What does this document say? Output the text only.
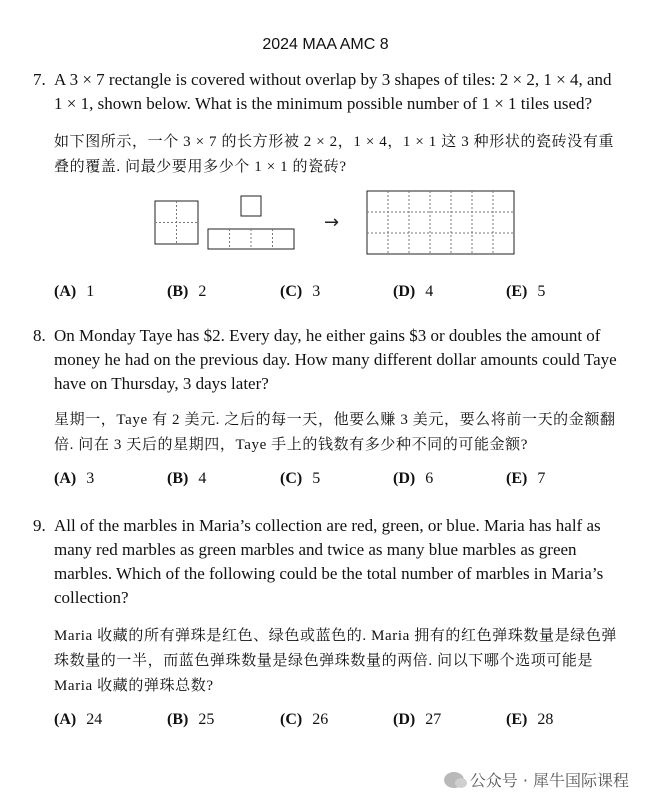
2024 MAA AMC 8
7. A 3 × 7 rectangle is covered without overlap by 3 shapes of tiles: 2 × 2, 1 × 4, and 1 × 1, shown below. What is the minimum possible number of 1 × 1 tiles used?
如下图所示，一个 3 × 7 的长方形被 2 × 2，1 × 4，1 × 1 这 3 种形状的瓷砖没有重叠的覆盖. 问最少要用多少个 1 × 1 的瓷砖?
→
(A) 1	(B) 2	(C) 3	(D) 4	(E) 5
8. On Monday Taye has $2. Every day, he either gains $3 or doubles the amount of money he had on the previous day. How many different dollar amounts could Taye have on Thursday, 3 days later?
星期一，Taye 有 2 美元. 之后的每一天，他要么赚 3 美元，要么将前一天的金额翻倍. 问在 3 天后的星期四，Taye 手上的钱数有多少种不同的可能金额?
(A) 3	(B) 4	(C) 5	(D) 6	(E) 7
9. All of the marbles in Maria’s collection are red, green, or blue. Maria has half as many red marbles as green marbles and twice as many blue marbles as green marbles. Which of the following could be the total number of marbles in Maria’s collection?
Maria 收藏的所有弹珠是红色、绿色或蓝色的. Maria 拥有的红色弹珠数量是绿色弹珠数量的一半，而蓝色弹珠数量是绿色弹珠数量的两倍. 问以下哪个选项可能是 Maria 收藏的弹珠总数?
(A) 24	(B) 25	(C) 26	(D) 27	(E) 28
公众号 · 犀牛国际课程
